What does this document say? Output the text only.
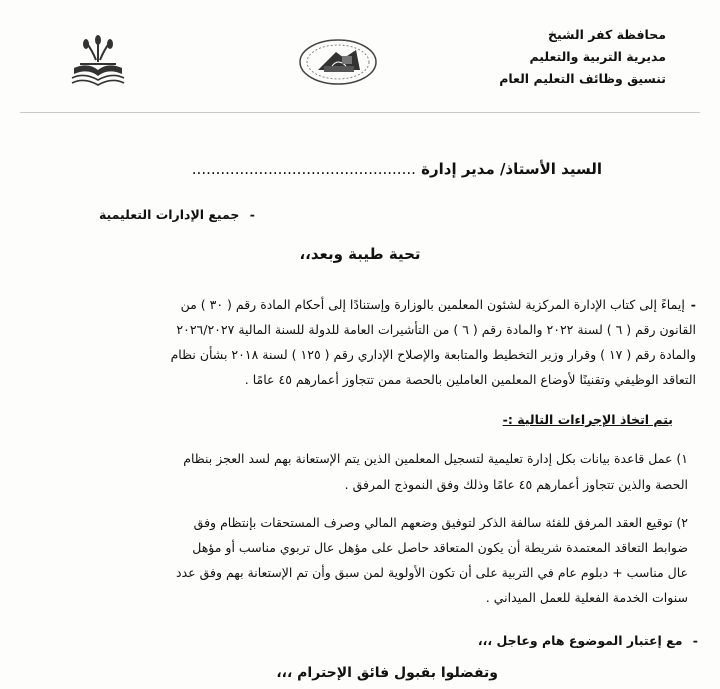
محافظة كفر الشيخ
مديرية التربية والتعليم
تنسيق وظائف التعليم العام
السيد الأستاذ/ مدير إدارة ...............................................
- جميع الإدارات التعليمية
تحية طيبة وبعد،،
-إيماءً إلى كتاب الإدارة المركزية لشئون المعلمين بالوزارة وإستنادًا إلى أحكام المادة رقم ( ٣٠ ) من
القانون رقم ( ٦ ) لسنة ٢٠٢٢ والمادة رقم ( ٦ ) من التأشيرات العامة للدولة للسنة المالية ٢٠٢٦/٢٠٢٧
والمادة رقم ( ١٧ ) وقرار وزير التخطيط والمتابعة والإصلاح الإداري رقم ( ١٢٥ ) لسنة ٢٠١٨ بشأن نظام
التعاقد الوظيفي وتقنينًا لأوضاع المعلمين العاملين بالحصة ممن تتجاوز أعمارهم ٤٥ عامًا .
يتم اتخاذ الإجراءات التالية :-
١) عمل قاعدة بيانات بكل إدارة تعليمية لتسجيل المعلمين الذين يتم الإستعانة بهم لسد العجز بنظام
الحصة والذين تتجاوز أعمارهم ٤٥ عامًا وذلك وفق النموذج المرفق .
٢) توقيع العقد المرفق للفئة سالفة الذكر لتوفيق وضعهم المالي وصرف المستحقات بإنتظام وفق
ضوابط التعاقد المعتمدة شريطة أن يكون المتعاقد حاصل على مؤهل عال تربوي مناسب أو مؤهل
عال مناسب + دبلوم عام في التربية على أن تكون الأولوية لمن سبق وأن تم الإستعانة بهم وفق عدد
سنوات الخدمة الفعلية للعمل الميداني .
- مع إعتبار الموضوع هام وعاجل ،،،
وتفضلوا بقبول فائق الإحترام ،،،
